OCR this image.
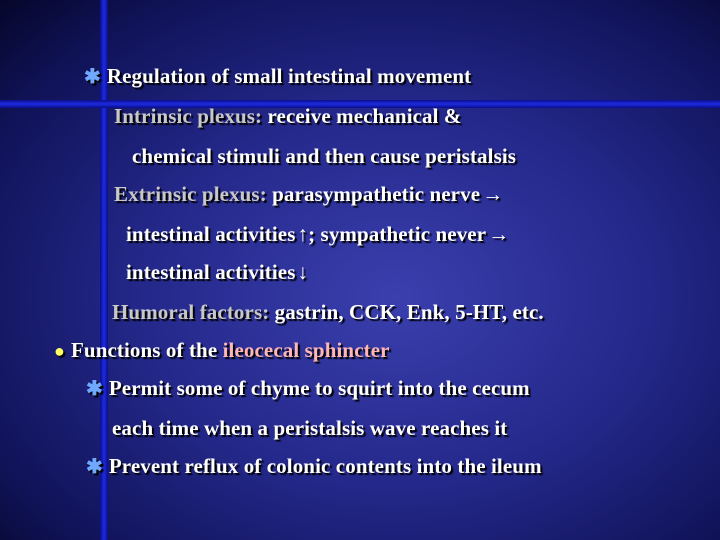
✱ Regulation of small intestinal movement
Intrinsic plexus: receive mechanical &
chemical stimuli and then cause peristalsis
Extrinsic plexus: parasympathetic nerve→
intestinal activities↑; sympathetic never→
intestinal activities↓
Humoral factors: gastrin, CCK, Enk, 5-HT, etc.
● Functions of the ileocecal sphincter
✱ Permit some of chyme to squirt into the cecum
each time when a peristalsis wave reaches it
✱ Prevent reflux of colonic contents into the ileum
